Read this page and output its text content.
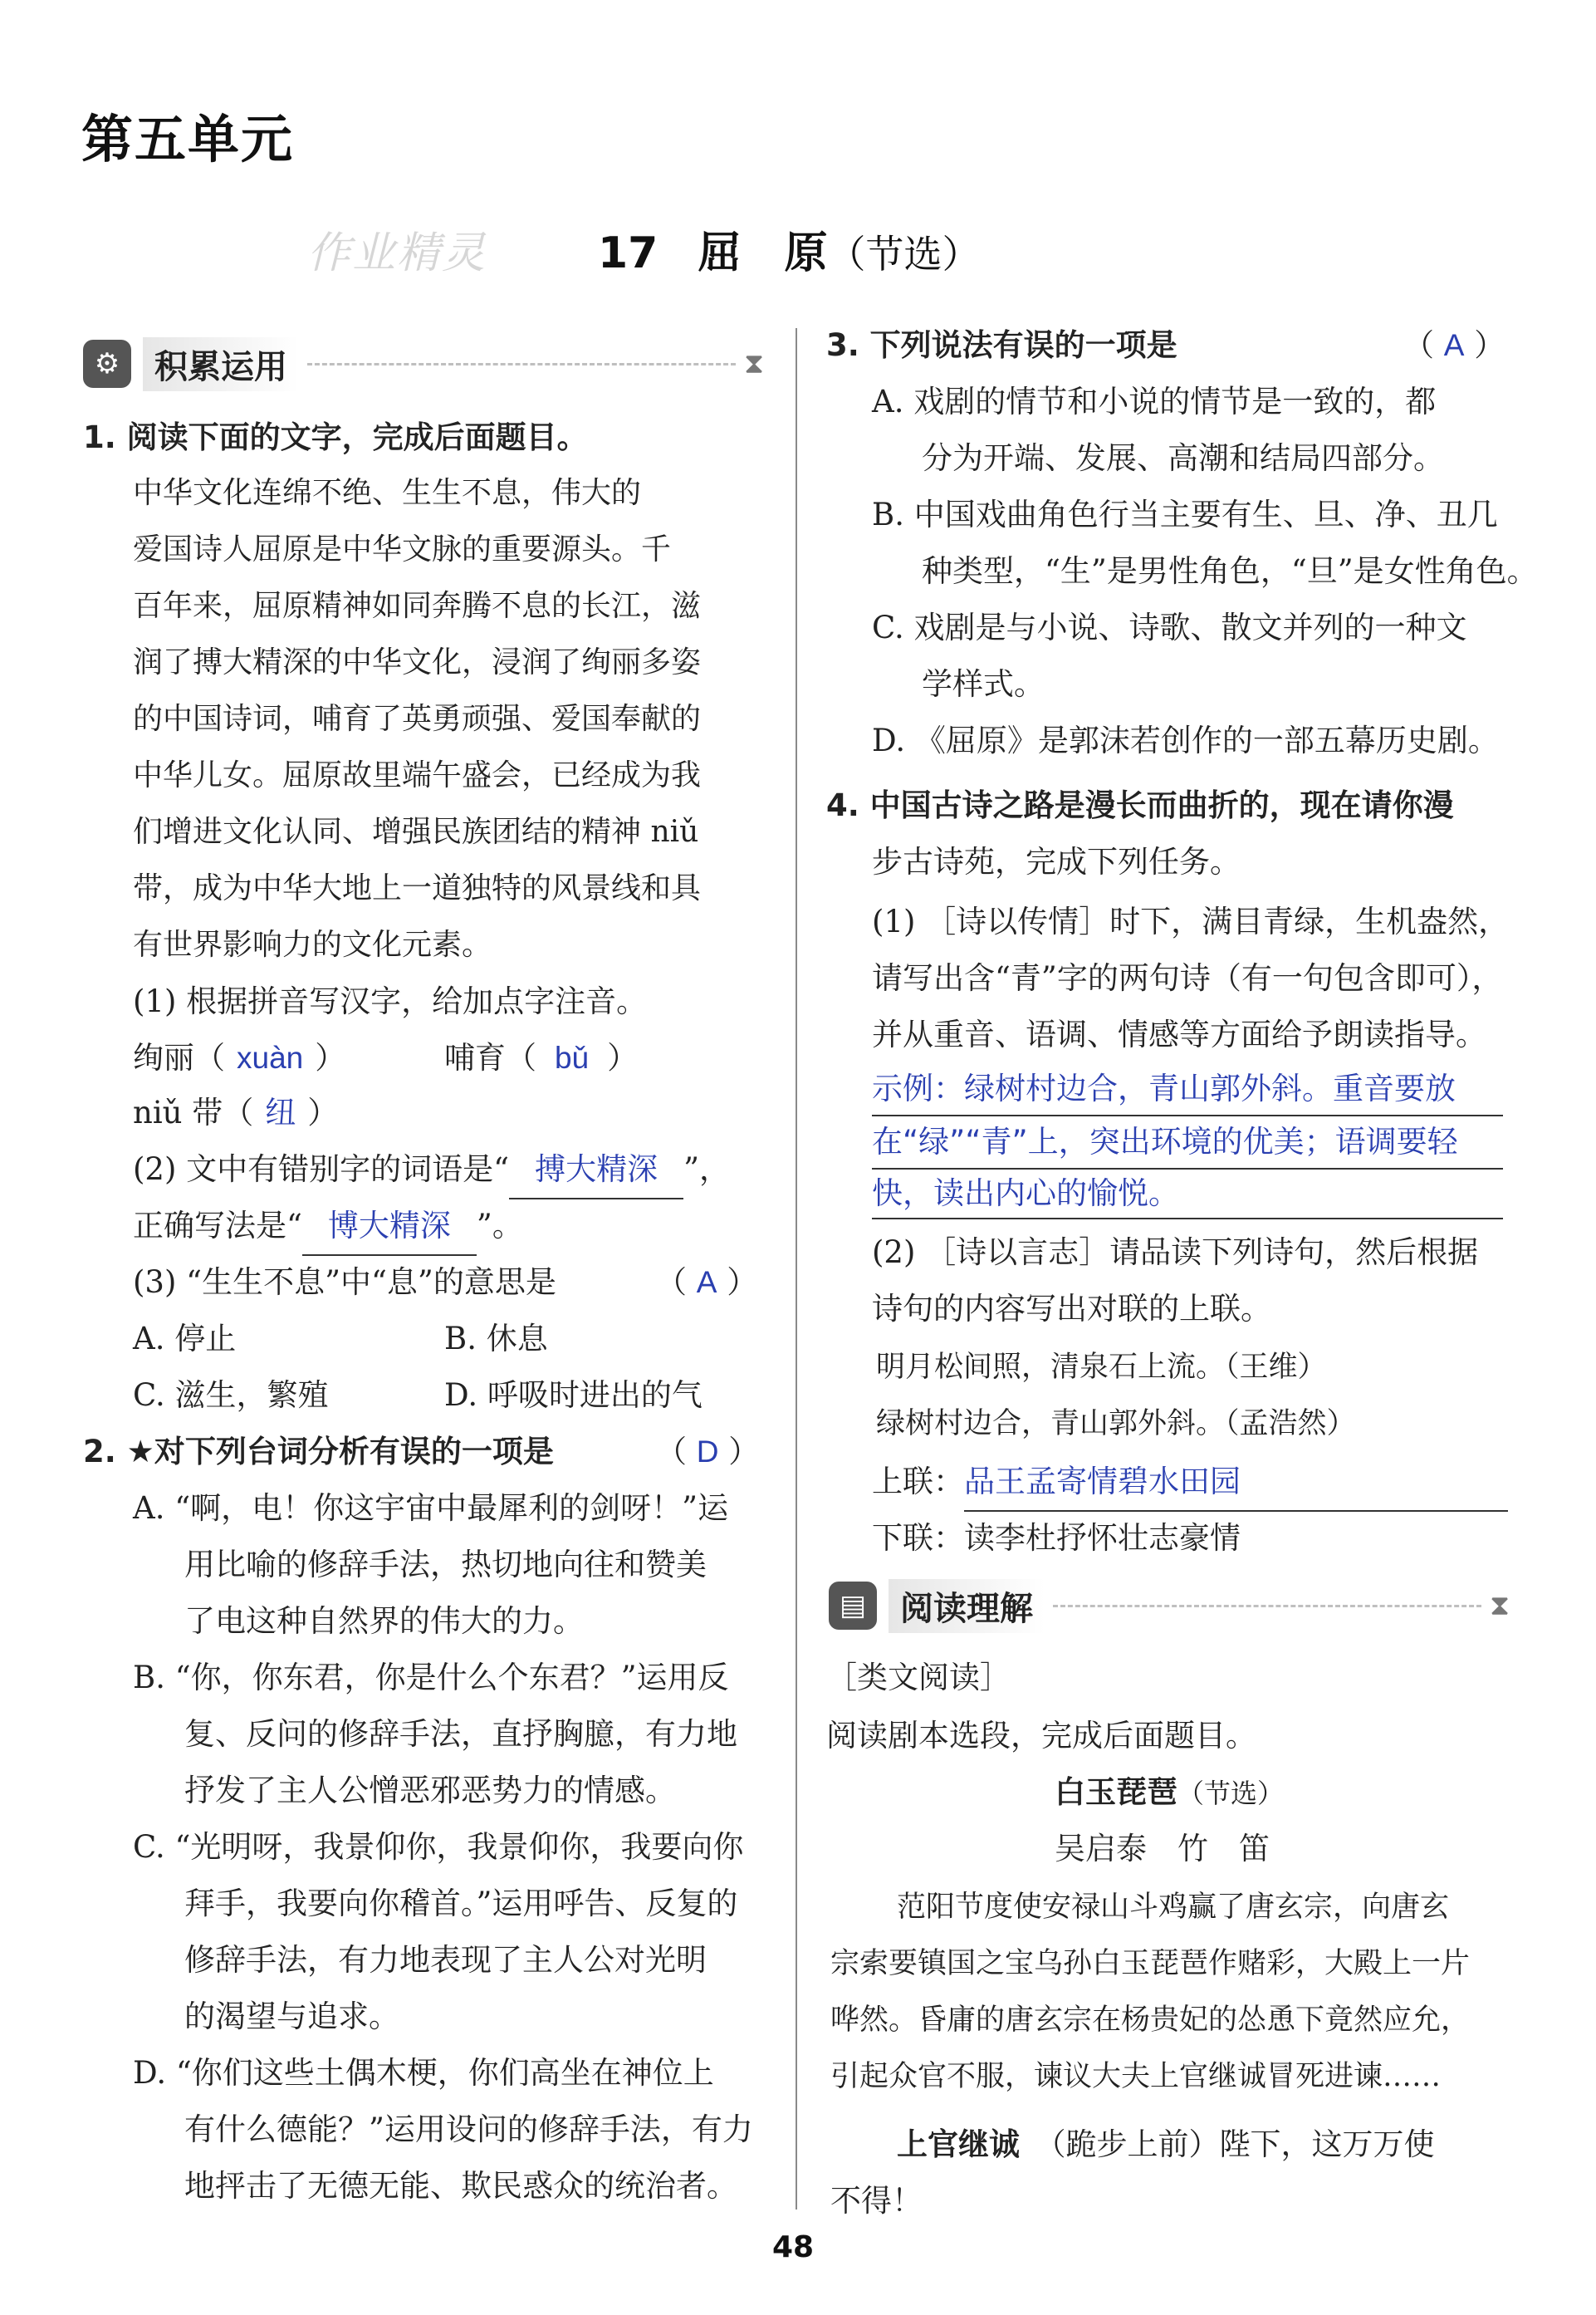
第五单元
作业精灵	17 屈　原（节选）
⚙	积累运用	⧗
1. 阅读下面的文字，完成后面题目。
中华文化连绵不绝、生生不息，伟大的
爱国诗人屈原是中华文脉的重要源头。千
百年来，屈原精神如同奔腾不息的长江，滋
润了搏大精深的中华文化，浸润了绚丽多姿
的中国诗词，哺育了英勇顽强、爱国奉献的
中华儿女。屈原故里端午盛会，已经成为我
们增进文化认同、增强民族团结的精神 niǔ
带，成为中华大地上一道独特的风景线和具
有世界影响力的文化元素。
(1) 根据拼音写汉字，给加点字注音。
绚丽（ xuàn ）	哺育（ bǔ ）
niǔ 带（ 纽 ）
(2) 文中有错别字的词语是“ 搏大精深 ”，
正确写法是“ 博大精深 ”。
(3) “生生不息”中“息”的意思是	（ A ）
A. 停止	B. 休息
C. 滋生，繁殖	D. 呼吸时进出的气
2. ★对下列台词分析有误的一项是	（ D ）
A. “啊，电！你这宇宙中最犀利的剑呀！”运
用比喻的修辞手法，热切地向往和赞美
了电这种自然界的伟大的力。
B. “你，你东君，你是什么个东君？”运用反
复、反问的修辞手法，直抒胸臆，有力地
抒发了主人公憎恶邪恶势力的情感。
C. “光明呀，我景仰你，我景仰你，我要向你
拜手，我要向你稽首。”运用呼告、反复的
修辞手法，有力地表现了主人公对光明
的渴望与追求。
D. “你们这些土偶木梗，你们高坐在神位上
有什么德能？”运用设问的修辞手法，有力
地抨击了无德无能、欺民惑众的统治者。
3. 下列说法有误的一项是	（ A ）
A. 戏剧的情节和小说的情节是一致的，都
分为开端、发展、高潮和结局四部分。
B. 中国戏曲角色行当主要有生、旦、净、丑几
种类型，“生”是男性角色，“旦”是女性角色。
C. 戏剧是与小说、诗歌、散文并列的一种文
学样式。
D. 《屈原》是郭沫若创作的一部五幕历史剧。
4. 中国古诗之路是漫长而曲折的，现在请你漫
步古诗苑，完成下列任务。
(1) ［诗以传情］时下，满目青绿，生机盎然，
请写出含“青”字的两句诗（有一句包含即可），
并从重音、语调、情感等方面给予朗读指导。
示例：绿树村边合，青山郭外斜。重音要放
在“绿”“青”上，突出环境的优美；语调要轻
快，读出内心的愉悦。
(2) ［诗以言志］请品读下列诗句，然后根据
诗句的内容写出对联的上联。
明月松间照，清泉石上流。（王维）
绿树村边合，青山郭外斜。（孟浩然）
上联：品王孟寄情碧水田园
下联：读李杜抒怀壮志豪情
▤	阅读理解	⧗
［类文阅读］
阅读剧本选段，完成后面题目。
白玉琵琶（节选）
吴启泰　竹　笛
范阳节度使安禄山斗鸡赢了唐玄宗，向唐玄
宗索要镇国之宝乌孙白玉琵琶作赌彩，大殿上一片
哗然。昏庸的唐玄宗在杨贵妃的怂恿下竟然应允，
引起众官不服，谏议大夫上官继诚冒死进谏……
上官继诚　 （跪步上前）陛下，这万万使
不得！
48
